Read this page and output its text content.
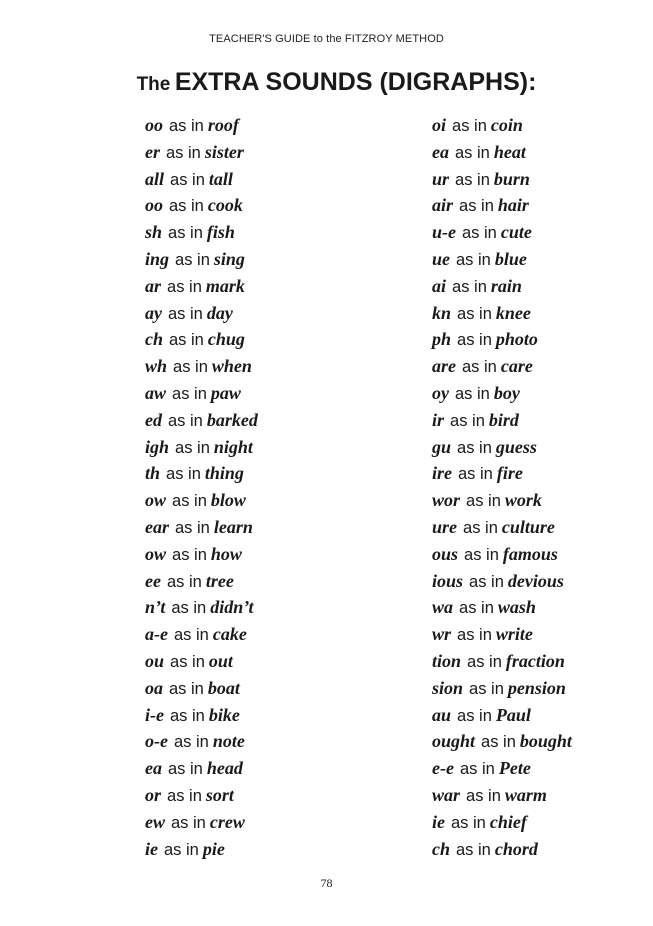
TEACHER'S GUIDE to the FITZROY METHOD
The EXTRA SOUNDS (DIGRAPHS):
oo as in roof
er as in sister
all as in tall
oo as in cook
sh as in fish
ing as in sing
ar as in mark
ay as in day
ch as in chug
wh as in when
aw as in paw
ed as in barked
igh as in night
th as in thing
ow as in blow
ear as in learn
ow as in how
ee as in tree
n’t as in didn’t
a-e as in cake
ou as in out
oa as in boat
i-e as in bike
o-e as in note
ea as in head
or as in sort
ew as in crew
ie as in pie
oi as in coin
ea as in heat
ur as in burn
air as in hair
u-e as in cute
ue as in blue
ai as in rain
kn as in knee
ph as in photo
are as in care
oy as in boy
ir as in bird
gu as in guess
ire as in fire
wor as in work
ure as in culture
ous as in famous
ious as in devious
wa as in wash
wr as in write
tion as in fraction
sion as in pension
au as in Paul
ought as in bought
e-e as in Pete
war as in warm
ie as in chief
ch as in chord
78
